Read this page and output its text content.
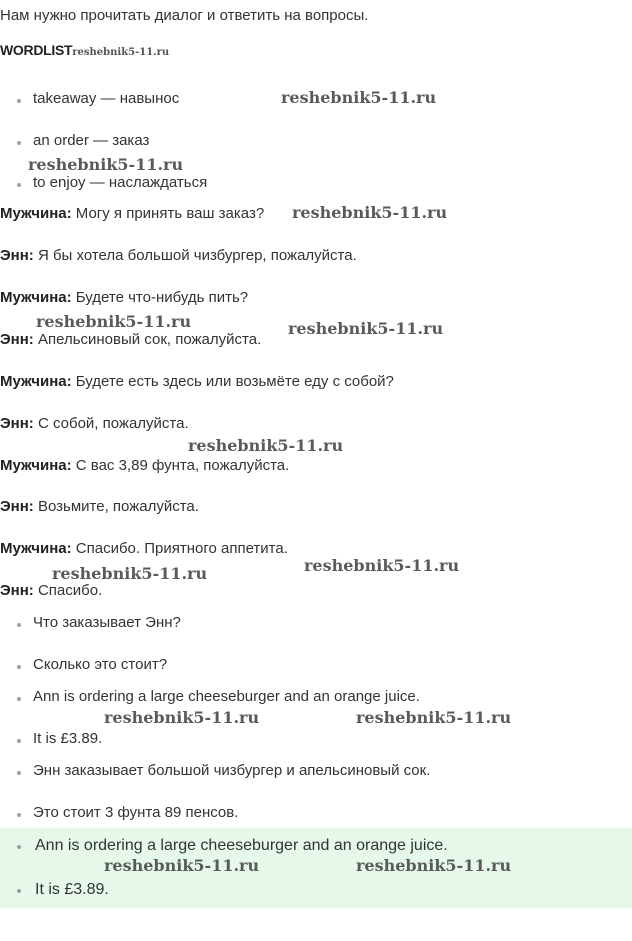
Нам нужно прочитать диалог и ответить на вопросы.
WORDLISTreshebnik5-11.ru
takeaway — навынос
an order — заказ
to enjoy — наслаждаться
Мужчина: Могу я принять ваш заказ?
Энн: Я бы хотела большой чизбургер, пожалуйста.
Мужчина: Будете что-нибудь пить?
Энн: Апельсиновый сок, пожалуйста.
Мужчина: Будете есть здесь или возьмёте еду с собой?
Энн: С собой, пожалуйста.
Мужчина: С вас 3,89 фунта, пожалуйста.
Энн: Возьмите, пожалуйста.
Мужчина: Спасибо. Приятного аппетита.
Энн: Спасибо.
Что заказывает Энн?
Сколько это стоит?
Ann is ordering a large cheeseburger and an orange juice.
It is £3.89.
Энн заказывает большой чизбургер и апельсиновый сок.
Это стоит 3 фунта 89 пенсов.
Ann is ordering a large cheeseburger and an orange juice.
It is £3.89.
reshebnik5-11.ru
reshebnik5-11.ru
reshebnik5-11.ru
reshebnik5-11.ru	reshebnik5-11.ru
reshebnik5-11.ru
reshebnik5-11.ru
reshebnik5-11.ru
reshebnik5-11.ru	reshebnik5-11.ru
reshebnik5-11.ru	reshebnik5-11.ru
